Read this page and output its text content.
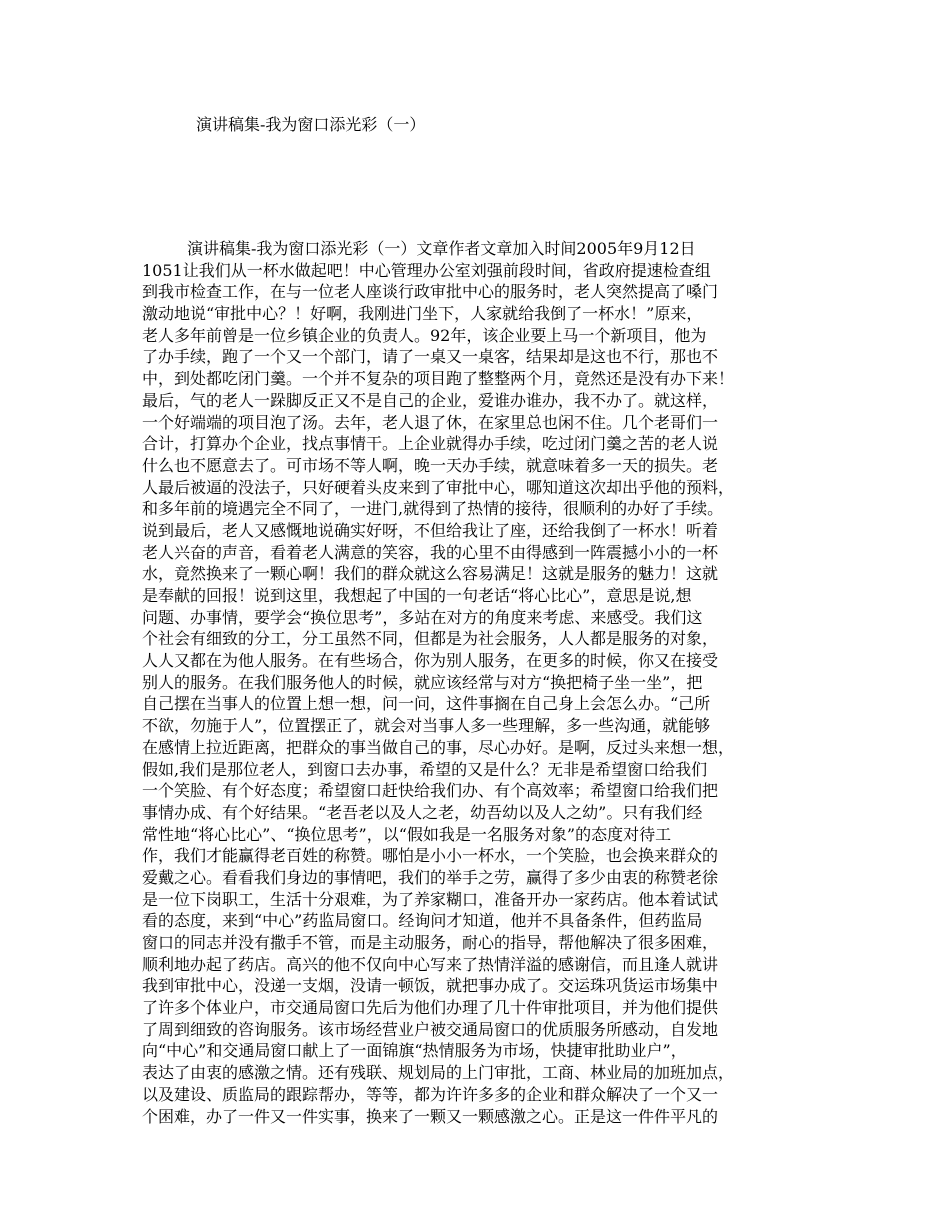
演讲稿集-我为窗口添光彩（一）
演讲稿集-我为窗口添光彩（一）文章作者文章加入时间2005年9月12日
1051让我们从一杯水做起吧！中心管理办公室刘强前段时间，省政府提速检查组
到我市检查工作，在与一位老人座谈行政审批中心的服务时，老人突然提高了嗓门
激动地说“审批中心？！好啊，我刚进门坐下，人家就给我倒了一杯水！”原来，
老人多年前曾是一位乡镇企业的负责人。92年，该企业要上马一个新项目，他为
了办手续，跑了一个又一个部门，请了一桌又一桌客，结果却是这也不行，那也不
中，到处都吃闭门羹。一个并不复杂的项目跑了整整两个月，竟然还是没有办下来！
最后，气的老人一跺脚反正又不是自己的企业，爱谁办谁办，我不办了。就这样，
一个好端端的项目泡了汤。去年，老人退了休，在家里总也闲不住。几个老哥们一
合计，打算办个企业，找点事情干。上企业就得办手续，吃过闭门羹之苦的老人说
什么也不愿意去了。可市场不等人啊，晚一天办手续，就意味着多一天的损失。老
人最后被逼的没法子，只好硬着头皮来到了审批中心，哪知道这次却出乎他的预料，
和多年前的境遇完全不同了，一进门,就得到了热情的接待，很顺利的办好了手续。
说到最后，老人又感慨地说确实好呀，不但给我让了座，还给我倒了一杯水！听着
老人兴奋的声音，看着老人满意的笑容，我的心里不由得感到一阵震撼小小的一杯
水，竟然换来了一颗心啊！我们的群众就这么容易满足！这就是服务的魅力！这就
是奉献的回报！说到这里，我想起了中国的一句老话“将心比心”，意思是说,想
问题、办事情，要学会“换位思考”，多站在对方的角度来考虑、来感受。我们这
个社会有细致的分工，分工虽然不同，但都是为社会服务，人人都是服务的对象，
人人又都在为他人服务。在有些场合，你为别人服务，在更多的时候，你又在接受
别人的服务。在我们服务他人的时候，就应该经常与对方“换把椅子坐一坐”，把
自己摆在当事人的位置上想一想，问一问，这件事搁在自己身上会怎么办。“己所
不欲，勿施于人”，位置摆正了，就会对当事人多一些理解，多一些沟通，就能够
在感情上拉近距离，把群众的事当做自己的事，尽心办好。是啊，反过头来想一想，
假如,我们是那位老人，到窗口去办事，希望的又是什么？无非是希望窗口给我们
一个笑脸、有个好态度；希望窗口赶快给我们办、有个高效率；希望窗口给我们把
事情办成、有个好结果。“老吾老以及人之老，幼吾幼以及人之幼”。只有我们经
常性地“将心比心”、“换位思考”，以“假如我是一名服务对象”的态度对待工
作，我们才能赢得老百姓的称赞。哪怕是小小一杯水，一个笑脸，也会换来群众的
爱戴之心。看看我们身边的事情吧，我们的举手之劳，赢得了多少由衷的称赞老徐
是一位下岗职工，生活十分艰难，为了养家糊口，准备开办一家药店。他本着试试
看的态度，来到“中心”药监局窗口。经询问才知道，他并不具备条件，但药监局
窗口的同志并没有撒手不管，而是主动服务，耐心的指导，帮他解决了很多困难，
顺利地办起了药店。高兴的他不仅向中心写来了热情洋溢的感谢信，而且逢人就讲
我到审批中心，没递一支烟，没请一顿饭，就把事办成了。交运珠巩货运市场集中
了许多个体业户，市交通局窗口先后为他们办理了几十件审批项目，并为他们提供
了周到细致的咨询服务。该市场经营业户被交通局窗口的优质服务所感动，自发地
向“中心”和交通局窗口献上了一面锦旗“热情服务为市场，快捷审批助业户”，
表达了由衷的感激之情。还有残联、规划局的上门审批，工商、林业局的加班加点，
以及建设、质监局的跟踪帮办，等等，都为许许多多的企业和群众解决了一个又一
个困难，办了一件又一件实事，换来了一颗又一颗感激之心。正是这一件件平凡的
